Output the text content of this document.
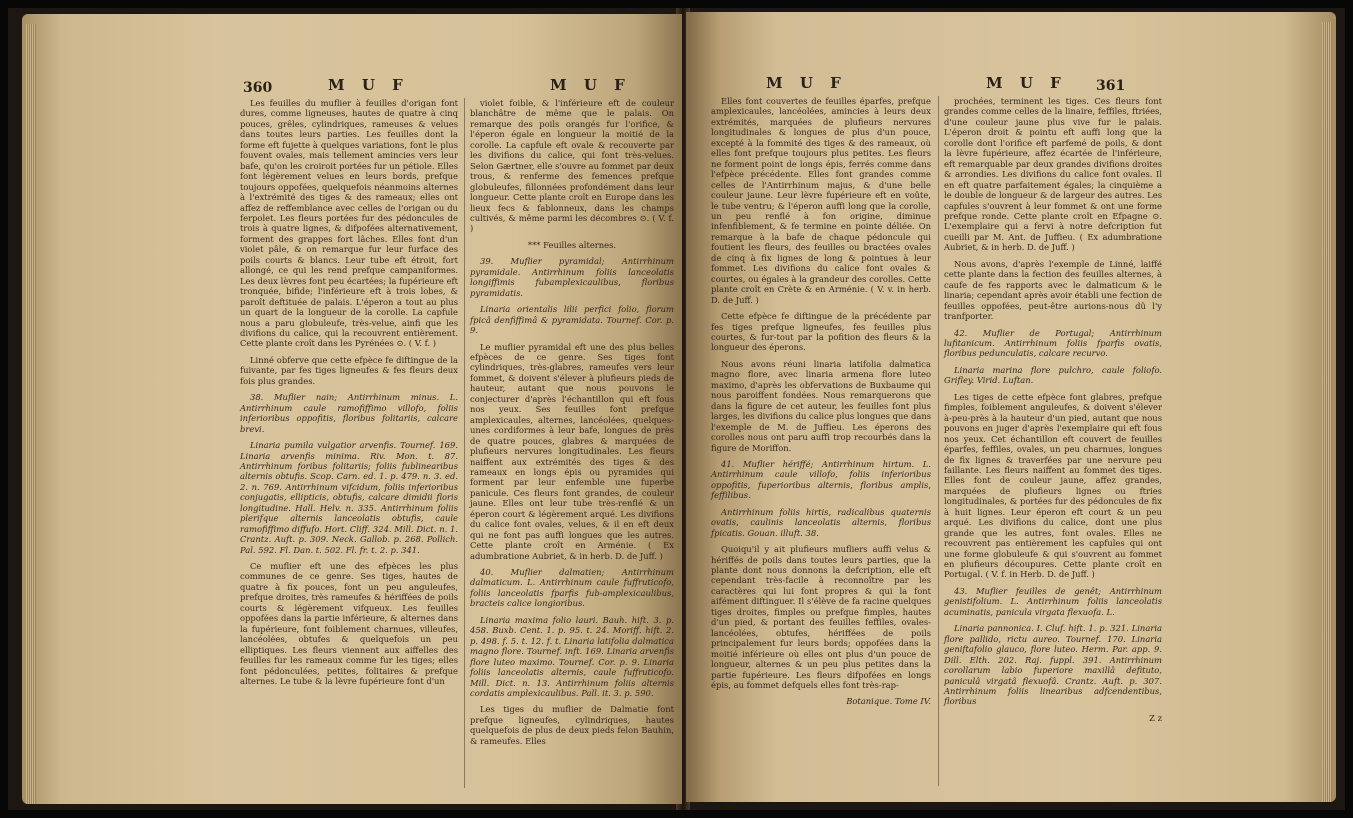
360	M U F	M U F

Les feuilles du muflier à feuilles d'origan font dures, comme ligneuses, hautes de quatre à cinq pouces, grêles, cylindriques, rameuses & velues dans toutes leurs parties. Les feuilles dont la forme eft fujette à quelques variations, font le plus fouvent ovales, mais tellement amincies vers leur bafe, qu'on les croiroit portées fur un pétiole. Elles font légèrement velues en leurs bords, prefque toujours oppofées, quelquefois néanmoins alternes à l'extrémité des tiges & des rameaux; elles ont affez de reffemblance avec celles de l'origan ou du ferpolet. Les fleurs portées fur des pédoncules de trois à quatre lignes, & difpofées alternativement, forment des grappes fort lâches. Elles font d'un violet pâle, & on remarque fur leur furface des poils courts & blancs. Leur tube eft étroit, fort allongé, ce qui les rend prefque campaniformes. Les deux lèvres font peu écartées; la fupérieure eft tronquée, bifide; l'inférieure eft à trois lobes, & paroît deftituée de palais. L'éperon a tout au plus un quart de la longueur de la corolle. La capfule nous a paru globuleufe, très-velue, ainfi que les divifions du calice, qui la recouvrent entièrement. Cette plante croît dans les Pyrénées ⊙. ( V. f. )

Linné obferve que cette efpèce fe diftingue de la fuivante, par fes tiges ligneufes & fes fleurs deux fois plus grandes.

38. Muflier nain; Antirrhinum minus. L. Antirrhinum caule ramofiffimo villofo, foliis inferioribus oppofitis, floribus folitariis, calcare brevi.

Linaria pumila vulgatior arvenfis. Tournef. 169. Linaria arvenfis minima. Riv. Mon. t. 87. Antirrhinum foribus folitariis; foliis fublinearibus alternis obtufis. Scop. Carn. ed. 1. p. 479. n. 3. ed. 2. n. 769. Antirrhinum vifcidum, foliis inferioribus conjugatis, ellipticis, obtufis, calcare dimidii floris longitudine. Hall. Helv. n. 335. Antirrhinum foliis plerifque alternis lanceolatis obtufis, caule ramofiffimo diffufo. Hort. Cliff. 324. Mill. Dict. n. 1. Crantz. Auft. p. 309. Neck. Gallob. p. 268. Pollich. Pal. 592. Fl. Dan. t. 502. Fl. fr. t. 2. p. 341.

Ce muflier eft une des efpèces les plus communes de ce genre. Ses tiges, hautes de quatre à fix pouces, font un peu anguleufes, prefque droites, très rameufes & hériffées de poils courts & légèrement vifqueux. Les feuilles oppofées dans la partie inférieure, & alternes dans la fupérieure, font foiblement charnues, villeufes, lancéolées, obtufes & quelquefois un peu elliptiques. Les fleurs viennent aux aiffelles des feuilles fur les rameaux comme fur les tiges; elles font pédonculées, petites, folitaires & prefque alternes. Le tube & la lèvre fupérieure font d'un

violet foible, & l'inférieure eft de couleur blanchâtre de même que le palais. On remarque des poils orangés fur l'orifice, & l'éperon égale en longueur la moitié de la corolle. La capfule eft ovale & recouverte par les divifions du calice, qui font très-velues. Selon Gærtner, elle s'ouvre au fommet par deux trous, & renferme des femences prefque globuleufes, fillonnées profondément dans leur longueur. Cette plante croît en Europe dans les lieux fecs & fablonneux, dans les champs cultivés, & même parmi les décombres ⊙. ( V. f. )

*** Feuilles alternes.

39. Muflier pyramidal; Antirrhinum pyramidale. Antirrhinum foliis lanceolatis longiffimis fubamplexicaulibus, floribus pyramidatis.

Linaria orientalis lilii perfici folio, florum fpicâ denfiffimâ & pyramidata. Tournef. Cor. p. 9.

Le muflier pyramidal eft une des plus belles efpèces de ce genre. Ses tiges font cylindriques, très-glabres, rameufes vers leur fommet, & doivent s'élever à plufieurs pieds de hauteur, autant que nous pouvons le conjecturer d'après l'échantillon qui eft fous nos yeux. Ses feuilles font prefque amplexicaules, alternes, lancéolées, quelques-unes cordiformes à leur bafe, longues de près de quatre pouces, glabres & marquées de plufieurs nervures longitudinales. Les fleurs naiffent aux extrémités des tiges & des rameaux en longs épis ou pyramides qui forment par leur enfemble une fuperbe panicule. Ces fleurs font grandes, de couleur jaune. Elles ont leur tube très-renflé & un éperon court & légèrement arqué. Les divifions du calice font ovales, velues, & il en eft deux qui ne font pas auffi longues que les autres. Cette plante croît en Arménie. ( Ex adumbratione Aubriet, & in herb. D. de Juff. )

40. Muflier dalmatien; Antirrhinum dalmaticum. L. Antirrhinum caule fuffruticofo, foliis lanceolatis fparfis fub-amplexicaulibus, bracteis calice longioribus.

Linaria maxima folio lauri. Bauh. hift. 3. p. 458. Buxb. Cent. 1. p. 95. t. 24. Moriff. hift. 2. p. 498. f. 5. t. 12. f. t. Linaria latifolia dalmatica magno flore. Tournef. inft. 169. Linaria arvenfis flore luteo maximo. Tournef. Cor. p. 9. Linaria foliis lanceolatis alternis, caule fuffruticofo. Mill. Dict. n. 13. Antirrhinum foliis alternis cordatis amplexicaulibus. Pall. it. 3. p. 590.

Les tiges du muflier de Dalmatie font prefque ligneufes, cylindriques, hautes quelquefois de plus de deux pieds felon Bauhin, & rameufes. Elles

M U F	M U F 361

Elles font couvertes de feuilles éparfes, prefque amplexicaules, lancéolées, amincies à leurs deux extrémités, marquées de plufieurs nervures longitudinales & longues de plus d'un pouce, excepté à la fommité des tiges & des rameaux, où elles font prefque toujours plus petites. Les fleurs ne forment point de longs épis, ferrés comme dans l'efpèce précédente. Elles font grandes comme celles de l'Antirrhinum majus, & d'une belle couleur jaune. Leur lèvre fupérieure eft en voûte, le tube ventru; & l'éperon auffi long que la corolle, un peu renflé à fon origine, diminue infenfiblement, & fe termine en pointe déliée. On remarque à la bafe de chaque pédoncule qui foutient les fleurs, des feuilles ou bractées ovales de cinq à fix lignes de long & pointues à leur fommet. Les divifions du calice font ovales & courtes, ou égales à la grandeur des corolles. Cette plante croît en Crète & en Arménie. ( V. v. in herb. D. de Juff. )

Cette efpèce fe diftingue de la précédente par fes tiges prefque ligneufes, fes feuilles plus courtes, & fur-tout par la pofition des fleurs & la longueur des éperons.

Nous avons réuni linaria latifolia dalmatica magno flore, avec linaria armena flore luteo maximo, d'après les obfervations de Buxbaume qui nous paroiffent fondées. Nous remarquerons que dans la figure de cet auteur, les feuilles font plus larges, les divifions du calice plus longues que dans l'exemple de M. de Juffieu. Les éperons des corolles nous ont paru auffi trop recourbés dans la figure de Moriffon.

41. Muflier hériffé; Antirrhinum hirtum. L. Antirrhinum caule villofo, foliis inferioribus oppofitis, fuperioribus alternis, floribus amplis, feffilibus.

Antirrhinum foliis hirtis, radicalibus quaternis ovatis, caulinis lanceolatis alternis, floribus fpicatis. Gouan. illuft. 38.

Quoiqu'il y ait plufieurs mufliers auffi velus & hériffés de poils dans toutes leurs parties, que la plante dont nous donnons la defcription, elle eft cependant très-facile à reconnoître par les caractères qui lui font propres & qui la font aifément diftinguer. Il s'élève de fa racine quelques tiges droites, fimples ou prefque fimples, hautes d'un pied, & portant des feuilles feffiles, ovales-lancéolées, obtufes, hériffées de poils principalement fur leurs bords; oppofées dans la moitié inférieure où elles ont plus d'un pouce de longueur, alternes & un peu plus petites dans la partie fupérieure. Les fleurs difpofées en longs épis, au fommet defquels elles font très-rap-

Botanique. Tome IV.

prochées, terminent les tiges. Ces fleurs font grandes comme celles de la linaire, feffiles, ftriées, d'une couleur jaune plus vive fur le palais. L'éperon droit & pointu eft auffi long que la corolle dont l'orifice eft parfemé de poils, & dont la lèvre fupérieure, affez écartée de l'inférieure, eft remarquable par deux grandes divifions droites & arrondies. Les divifions du calice font ovales. Il en eft quatre parfaitement égales; la cinquième a le double de longueur & de largeur des autres. Les capfules s'ouvrent à leur fommet & ont une forme prefque ronde. Cette plante croît en Efpagne ⊙. L'exemplaire qui a fervi à notre defcription fut cueilli par M. Ant. de Juffieu. ( Ex adumbratione Aubriet, & in herb. D. de Juff. )

Nous avons, d'après l'exemple de Linné, laiffé cette plante dans la fection des feuilles alternes, à caufe de fes rapports avec le dalmaticum & le linaria; cependant après avoir établi une fection de feuilles oppofées, peut-être aurions-nous dû l'y tranfporter.

42. Muflier de Portugal; Antirrhinum lufitanicum. Antirrhinum foliis fparfis ovatis, floribus pedunculatis, calcare recurvo.

Linaria marina flore pulchro, caule foliofo. Grifley. Virid. Luftan.

Les tiges de cette efpèce font glabres, prefque fimples, foiblement anguleufes, & doivent s'élever à-peu-près à la hauteur d'un pied, autant que nous pouvons en juger d'après l'exemplaire qui eft fous nos yeux. Cet échantillon eft couvert de feuilles éparfes, feffiles, ovales, un peu charnues, longues de fix lignes & traverfées par une nervure peu faillante. Les fleurs naiffent au fommet des tiges. Elles font de couleur jaune, affez grandes, marquées de plufieurs lignes ou ftries longitudinales, & portées fur des pédoncules de fix à huit lignes. Leur éperon eft court & un peu arqué. Les divifions du calice, dont une plus grande que les autres, font ovales. Elles ne recouvrent pas entièrement les capfules qui ont une forme globuleufe & qui s'ouvrent au fommet en plufieurs découpures. Cette plante croît en Portugal. ( V. f. in Herb. D. de Juff. )

43. Muflier feuilles de genêt; Antirrhinum genistifolium. L. Antirrhinum foliis lanceolatis acuminatis, panicula virgata flexuofa. L.

Linaria pannonica. I. Cluf. hift. 1. p. 321. Linaria flore pallido, rictu aureo. Tournef. 170. Linaria geniftafolio glauco, flore luteo. Herm. Par. app. 9. Dill. Elth. 202. Raj. fuppl. 391. Antirrhinum corollarum labio fuperiore maxillâ defituto, paniculâ virgatâ flexuofâ. Crantz. Auft. p. 307. Antirrhinum foliis linearibus adfcendentibus, floribus

Z z
